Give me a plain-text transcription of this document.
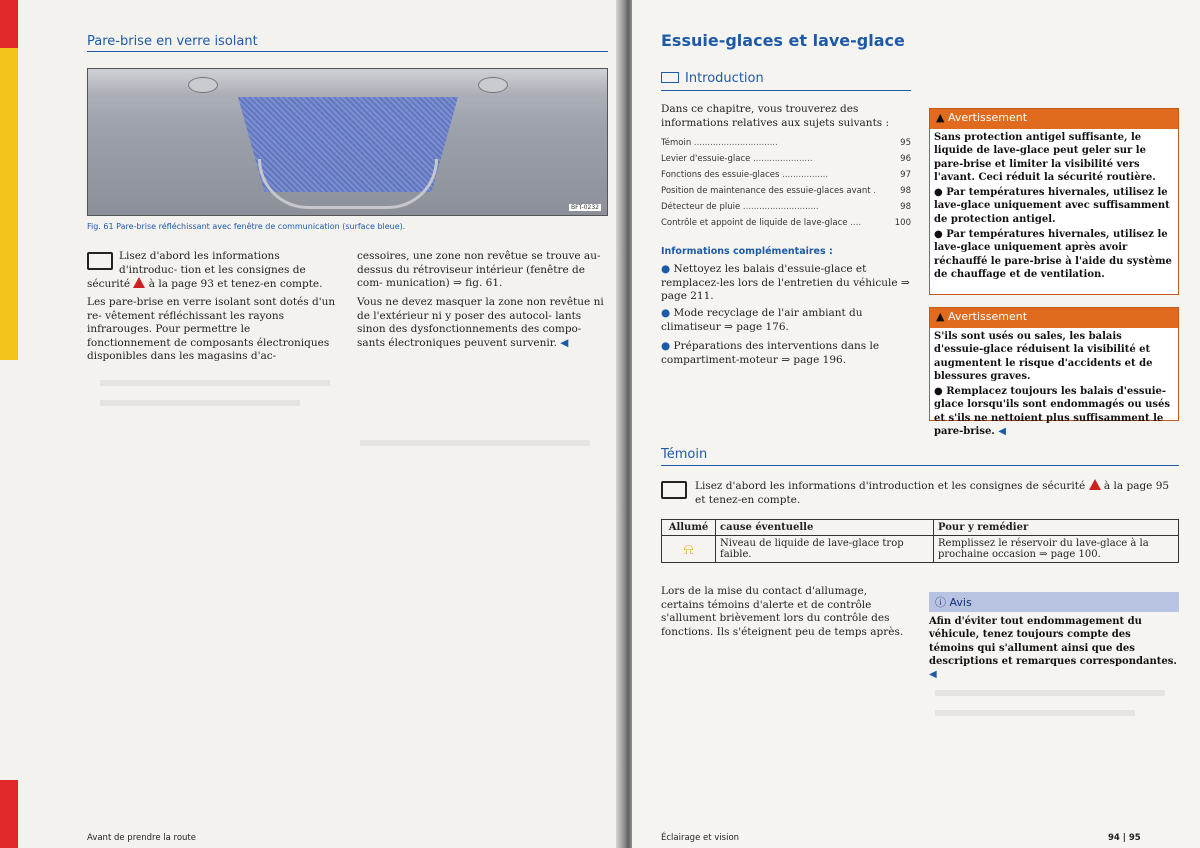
Pare-brise en verre isolant
BFT-0232
Fig. 61 Pare-brise réfléchissant avec fenêtre de communication (surface bleue).
Lisez d'abord les informations d'introduc- tion et les consignes de sécurité à la page 93 et tenez-en compte.
Les pare-brise en verre isolant sont dotés d'un re- vêtement réfléchissant les rayons infrarouges. Pour permettre le fonctionnement de composants électroniques disponibles dans les magasins d'ac-
cessoires, une zone non revêtue se trouve au- dessus du rétroviseur intérieur (fenêtre de com- munication) ⇒ fig. 61.
Vous ne devez masquer la zone non revêtue ni de l'extérieur ni y poser des autocol- lants sinon des dysfonctionnements des compo- sants électroniques peuvent survenir. ◀
Avant de prendre la route
Essuie-glaces et lave-glace
Introduction
Dans ce chapitre, vous trouverez des informations relatives aux sujets suivants :
Témoin ...............................	95
Levier d'essuie-glace ......................	96
Fonctions des essuie-glaces .................	97
Position de maintenance des essuie-glaces avant .	98
Détecteur de pluie ............................	98
Contrôle et appoint de liquide de lave-glace ....	100
Informations complémentaires :
● Nettoyez les balais d'essuie-glace et remplacez-les lors de l'entretien du véhicule ⇒ page 211.
● Mode recyclage de l'air ambiant du climatiseur ⇒ page 176.
● Préparations des interventions dans le compartiment-moteur ⇒ page 196.
▲ Avertissement

Sans protection antigel suffisante, le liquide de lave-glace peut geler sur le pare-brise et limiter la visibilité vers l'avant. Ceci réduit la sécurité routière.

● Par températures hivernales, utilisez le lave-glace uniquement avec suffisamment de protection antigel.

● Par températures hivernales, utilisez le lave-glace uniquement après avoir réchauffé le pare-brise à l'aide du système de chauffage et de ventilation.

▲ Avertissement

S'ils sont usés ou sales, les balais d'essuie-glace réduisent la visibilité et augmentent le risque d'accidents et de blessures graves.

● Remplacez toujours les balais d'essuie-glace lorsqu'ils sont endommagés ou usés et s'ils ne nettoient plus suffisamment le pare-brise. ◀

Témoin
Lisez d'abord les informations d'introduction et les consignes de sécurité à la page 95 et tenez-en compte.
Allumé	cause éventuelle	Pour y remédier
⍾	Niveau de liquide de lave-glace trop faible.	Remplissez le réservoir du lave-glace à la prochaine occasion ⇒ page 100.
Lors de la mise du contact d'allumage, certains témoins d'alerte et de contrôle s'allument brièvement lors du contrôle des fonctions. Ils s'éteignent peu de temps après.
ⓘ Avis
Afin d'éviter tout endommagement du véhicule, tenez toujours compte des témoins qui s'allument ainsi que des descriptions et remarques correspondantes. ◀
Éclairage et vision	94 | 95
